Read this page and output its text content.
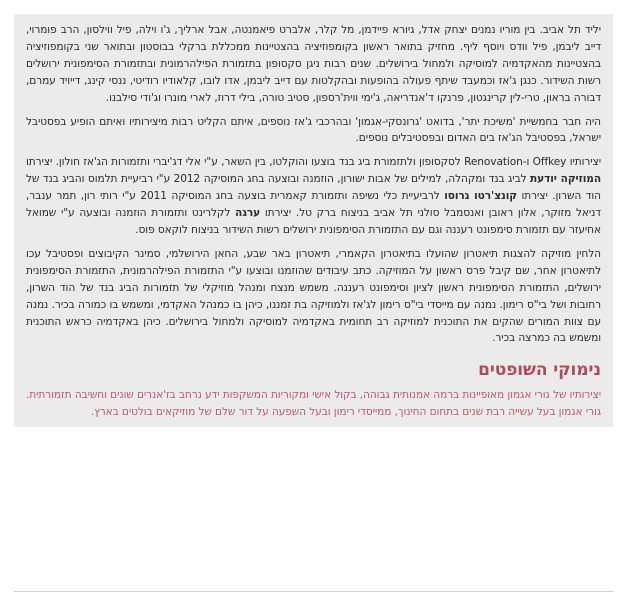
יליד תל אביב. בין מוריו נמנים יצחק אדל, גיורא פיידמן, מל קלר, אלברט פיאמנטה, אבל ארליך, ג'ו וילה, פיל ווילסון, הרב פומרוי, דייב ליבמן, פיל וודס ויוסף ליף. מחזיק בתואר ראשון בקומפוזיציה בהצטיינות ממכללת ברקלי בבוסטון ובתואר שני בקומפוזיציה בהצטיינות מהאקדמיה למוסיקה ולמחול בירושלים. שנים רבות ניגן סקסופון בתזמורת הפילהרמונית ובתזמורת הסימפונית ירושלים רשות השידור. כנגן ג'אז וכמעבד שיתף פעולה בהופעות ובהקלטות עם דייב ליבמן, אדו לובו, קלאודיו רודיטי, ננסי קינג, דייויד עמרם, דבורה בראון, טרי-לין קרינגטון, פרנקו ד'אנדריאה, ג'ימי ווית'רספון, סטיב טורה, בילי דרוז, לארי מונרו וג'ודי סילבנו.

היה חבר בחמשיית 'משיכת יתר', בדואט 'גרונסקי-אגמון' ובהרכבי ג'אז נוספים, איתם הקליט רבות מיצירותיו ואיתם הופיע בפסטיבל ישראל, בפסטיבל הג'אז בים האדום ובפסטיבלים נוספים.

יצירותיו Offkey ו-Renovation לסקסופון ולתזמורת ביג בנד בוצעו והוקלטו, בין השאר, ע"י אלי דג'יברי ותזמורות הג'אז חולון. יצירתו המוזיקה יודעת לביג בנד ומקהלה, למילים של אבות ישורון, הוזמנה ובוצעה בחג המוסיקה 2012 ע"י רביעיית תלמוס והביג בנד של הוד השרון. יצירתו קונצ'רטו גרוסו לרביעיית כלי נשיפה ותזמורת קאמרית בוצעה בחג המוסיקה 2011 ע"י רותי רון, תמר ענבר, דניאל מזוקר, אלון ראובן ואנסמבל סולני תל אביב בניצוח ברק טל. יצירתו ערגה לקלרינט ותזמורת הוזמנה ובוצעה ע"י שמואל אחיעזר עם תזמורת סימפונט רעננה וגם עם התזמורת הסימפונית ירושלים רשות השידור בניצוח לוקאס פוס.

הלחין מוזיקה להצגות תיאטרון שהועלו בתיאטרון הקאמרי, תיאטרון באר שבע, החאן הירושלמי, סמינר הקיבוצים ופסטיבל עכו לתיאטרון אחר, שם קיבל פרס ראשון על המוזיקה. כתב עיבודים שהוזמנו ובוצעו ע"י התזמורת הפילהרמונית, התזמורת הסימפונית ירושלים, התזמורת הסימפונית ראשון לציון וסימפונט רעננה. משמש מנצח ומנהל מוזיקלי של תזמורות הביג בנד של הוד השרון, רחובות ושל בי"ס רימון. נמנה עם מייסדי בי"ס רימון לג'אז ולמוזיקה בת זמננו, כיהן בו כמנהל האקדמי, ומשמש בו כמורה בכיר. נמנה עם צוות המורים שהקים את התוכנית למוזיקה רב תחומית באקדמיה למוסיקה ולמחול בירושלים. כיהן באקדמיה כראש התוכנית ומשמש בה כמרצה בכיר.

נימוקי השופטים

יצירותיו של גורי אגמון מאופיינות ברמה אמנותית גבוהה, בקול אישי ומקוריות המשקפות ידע נרחב בז'אנרים שונים וחשיבה תזמורתית. גורי אגמון בעל עשייה רבת שנים בתחום החינוך, ממייסדי רימון ובעל השפעה על דור שלם של מוזיקאים בולטים בארץ.
